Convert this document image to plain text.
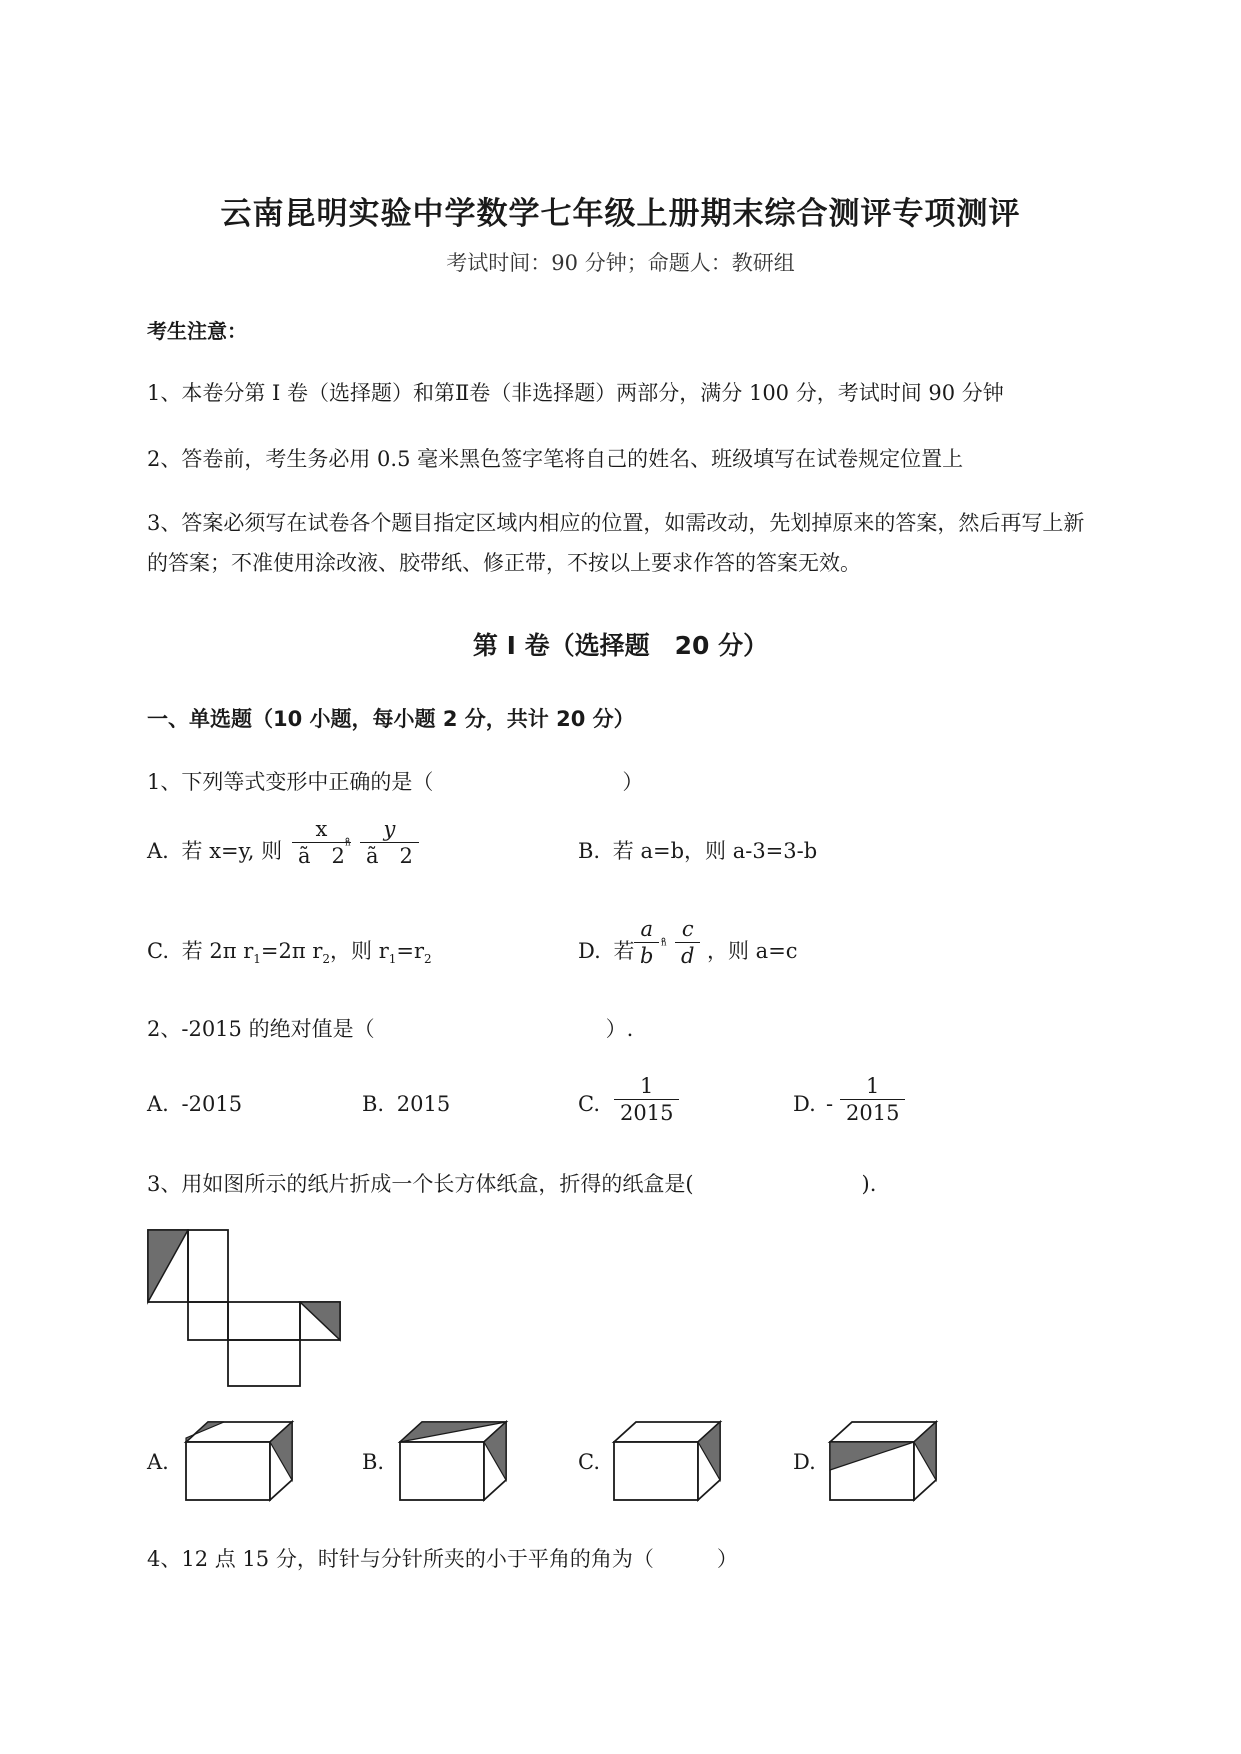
云南昆明实验中学数学七年级上册期末综合测评专项测评
考试时间：90 分钟；命题人：教研组
考生注意：
1、本卷分第 I 卷（选择题）和第Ⅱ卷（非选择题）两部分，满分 100 分，考试时间 90 分钟
2、答卷前，考生务必用 0.5 毫米黑色签字笔将自己的姓名、班级填写在试卷规定位置上
3、答案必须写在试卷各个题目指定区域内相应的位置，如需改动，先划掉原来的答案，然后再写上新
的答案；不准使用涂改液、胶带纸、修正带，不按以上要求作答的答案无效。
第 I 卷（选择题　20 分）
一、单选题（10 小题，每小题 2 分，共计 20 分）
1、下列等式变形中正确的是（　　　　　　　　　）
A. 若 x=y, 则 $\frac{x}{ã 2}$
ⁿ̊ $\frac{y}{ã 2}$	B. 若 a=b，则 a-3=3-b
C. 若 2π $r_1=2\pi$ $r_2$，则 $r_1=r_2$	D. 若 $\frac{a}{b}$ ⁿ̊ $\frac{c}{d}$ ，则 a=c
2、-2015 的绝对值是（　　　　　　　　　　　）.
A. -2015	B. 2015	C. $\frac{1}{2015}$	D. - $\frac{1}{2015}$
3、用如图所示的纸片折成一个长方体纸盒，折得的纸盒是(　　　　　　　　).
A.	B.	C.	D.
4、12 点 15 分，时针与分针所夹的小于平角的角为（　　　）
